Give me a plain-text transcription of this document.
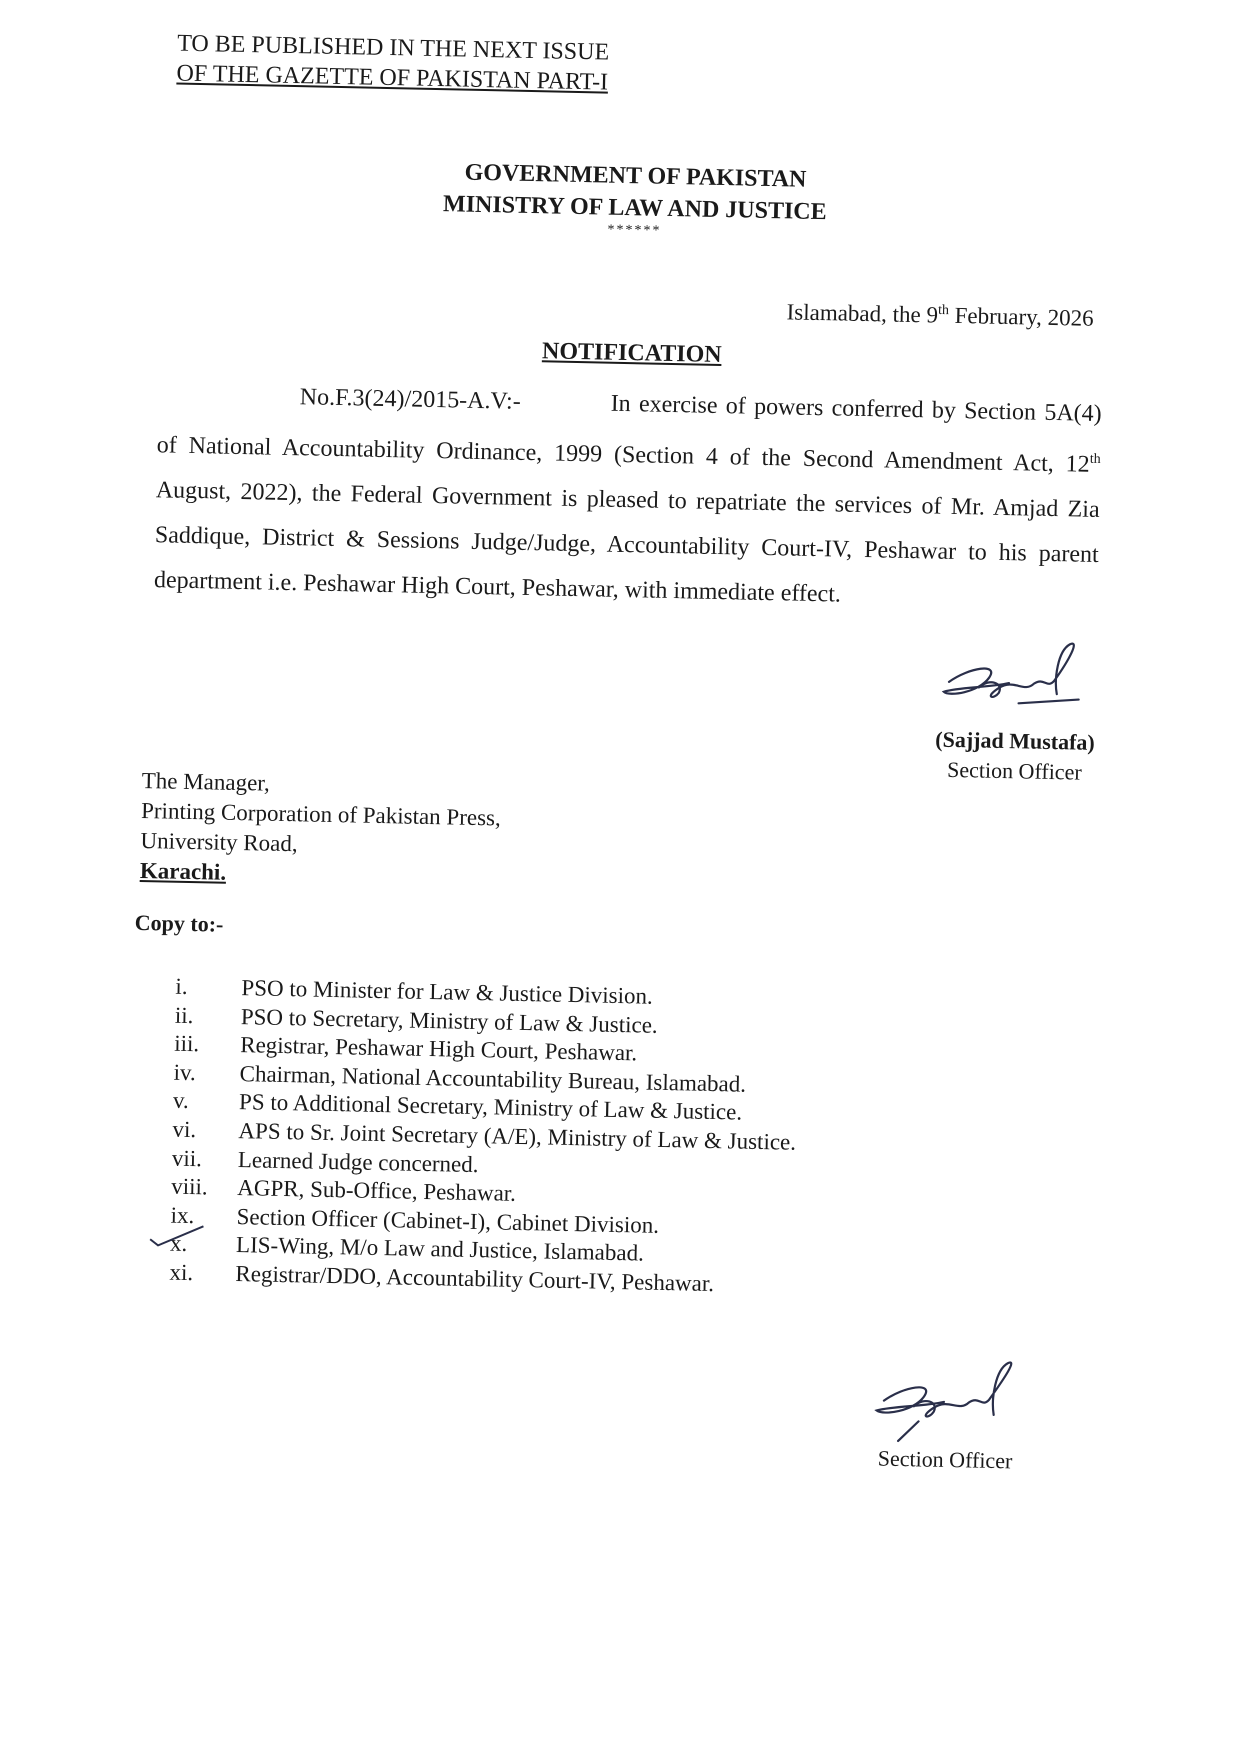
TO BE PUBLISHED IN THE NEXT ISSUE
OF THE GAZETTE OF PAKISTAN PART-I
GOVERNMENT OF PAKISTAN
MINISTRY OF LAW AND JUSTICE
******
Islamabad, the 9th February, 2026
NOTIFICATION
No.F.3(24)/2015-A.V:-	In exercise of powers conferred by Section 5A(4) of National Accountability Ordinance, 1999 (Section 4 of the Second Amendment Act, 12th August, 2022), the Federal Government is pleased to repatriate the services of Mr. Amjad Zia Saddique, District & Sessions Judge/Judge, Accountability Court-IV, Peshawar to his parent department i.e. Peshawar High Court, Peshawar, with immediate effect.
(Sajjad Mustafa)
Section Officer
The Manager,
Printing Corporation of Pakistan Press,
University Road,
Karachi.
Copy to:-
i. PSO to Minister for Law & Justice Division.
ii. PSO to Secretary, Ministry of Law & Justice.
iii. Registrar, Peshawar High Court, Peshawar.
iv. Chairman, National Accountability Bureau, Islamabad.
v. PS to Additional Secretary, Ministry of Law & Justice.
vi. APS to Sr. Joint Secretary (A/E), Ministry of Law & Justice.
vii. Learned Judge concerned.
viii. AGPR, Sub-Office, Peshawar.
ix. Section Officer (Cabinet-I), Cabinet Division.
x. LIS-Wing, M/o Law and Justice, Islamabad.
xi. Registrar/DDO, Accountability Court-IV, Peshawar.
Section Officer
